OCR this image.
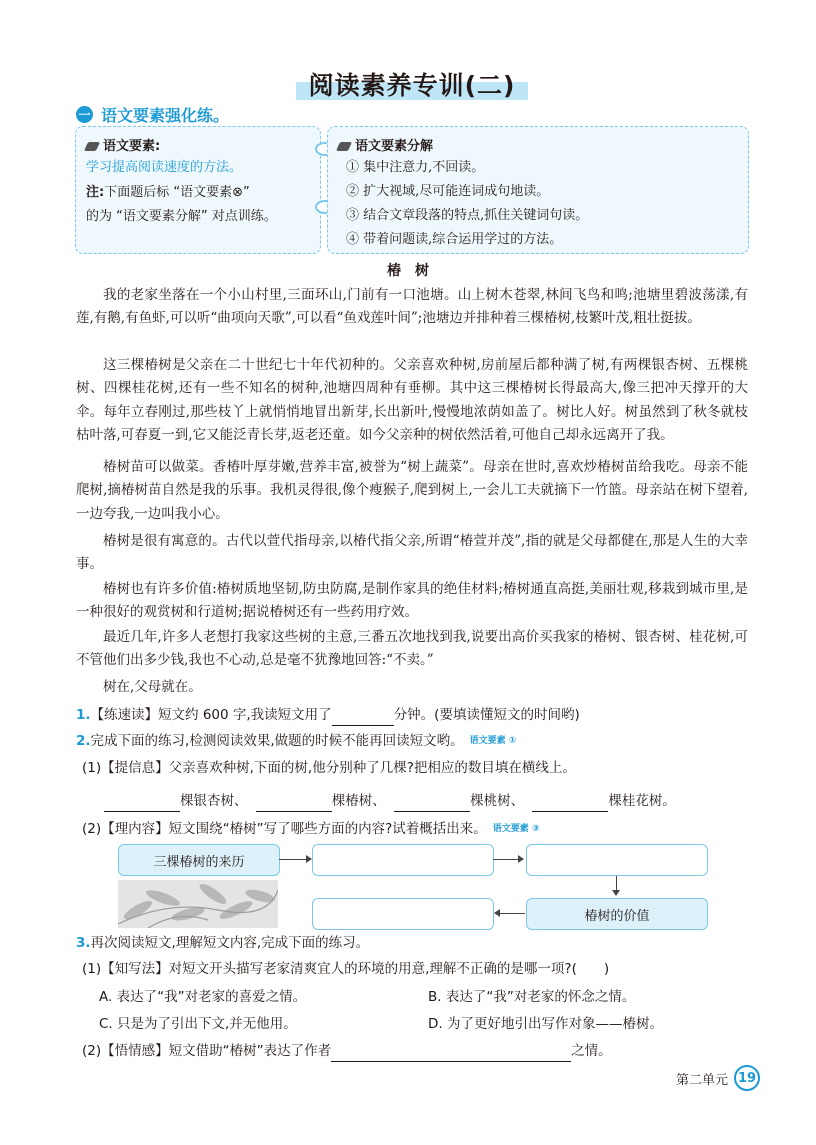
阅读素养专训(二)
一 语文要素强化练。
语文要素:
学习提高阅读速度的方法。
注:下面题后标 “语文要素⊗”
的为 “语文要素分解” 对点训练。
语文要素分解
① 集中注意力,不回读。
② 扩大视域,尽可能连词成句地读。
③ 结合文章段落的特点,抓住关键词句读。
④ 带着问题读,综合运用学过的方法。
椿　树

我的老家坐落在一个小山村里,三面环山,门前有一口池塘。山上树木苍翠,林间飞鸟和鸣;池塘里碧波荡漾,有莲,有鹅,有鱼虾,可以听“曲项向天歌”,可以看“鱼戏莲叶间”;池塘边并排种着三棵椿树,枝繁叶茂,粗壮挺拔。

这三棵椿树是父亲在二十世纪七十年代初种的。父亲喜欢种树,房前屋后都种满了树,有两棵银杏树、五棵桃树、四棵桂花树,还有一些不知名的树种,池塘四周种有垂柳。其中这三棵椿树长得最高大,像三把冲天撑开的大伞。每年立春刚过,那些枝丫上就悄悄地冒出新芽,长出新叶,慢慢地浓荫如盖了。树比人好。树虽然到了秋冬就枝枯叶落,可春夏一到,它又能泛青长芽,返老还童。如今父亲种的树依然活着,可他自己却永远离开了我。

椿树苗可以做菜。香椿叶厚芽嫩,营养丰富,被誉为“树上蔬菜”。母亲在世时,喜欢炒椿树苗给我吃。母亲不能爬树,摘椿树苗自然是我的乐事。我机灵得很,像个瘦猴子,爬到树上,一会儿工夫就摘下一竹篮。母亲站在树下望着,一边夸我,一边叫我小心。

椿树是很有寓意的。古代以萱代指母亲,以椿代指父亲,所谓“椿萱并茂”,指的就是父母都健在,那是人生的大幸事。

椿树也有许多价值:椿树质地坚韧,防虫防腐,是制作家具的绝佳材料;椿树通直高挺,美丽壮观,移栽到城市里,是一种很好的观赏树和行道树;据说椿树还有一些药用疗效。

最近几年,许多人老想打我家这些树的主意,三番五次地找到我,说要出高价买我家的椿树、银杏树、桂花树,可不管他们出多少钱,我也不心动,总是毫不犹豫地回答:“不卖。”

树在,父母就在。

1.【练速读】短文约 600 字,我读短文用了	分钟。(要填读懂短文的时间哟)
2.完成下面的练习,检测阅读效果,做题的时候不能再回读短文哟。 语文要素 ①
(1)【提信息】父亲喜欢种树,下面的树,他分别种了几棵?把相应的数目填在横线上。
棵银杏树、	棵椿树、	棵桃树、	棵桂花树。
(2)【理内容】短文围绕“椿树”写了哪些方面的内容?试着概括出来。 语文要素 ③
三棵椿树的来历
椿树的价值
3.再次阅读短文,理解短文内容,完成下面的练习。
(1)【知写法】对短文开头描写老家清爽宜人的环境的用意,理解不正确的是哪一项?(　　)
A. 表达了“我”对老家的喜爱之情。	B. 表达了“我”对老家的怀念之情。
C. 只是为了引出下文,并无他用。	D. 为了更好地引出写作对象——椿树。
(2)【悟情感】短文借助“椿树”表达了作者	之情。
第二单元 19
